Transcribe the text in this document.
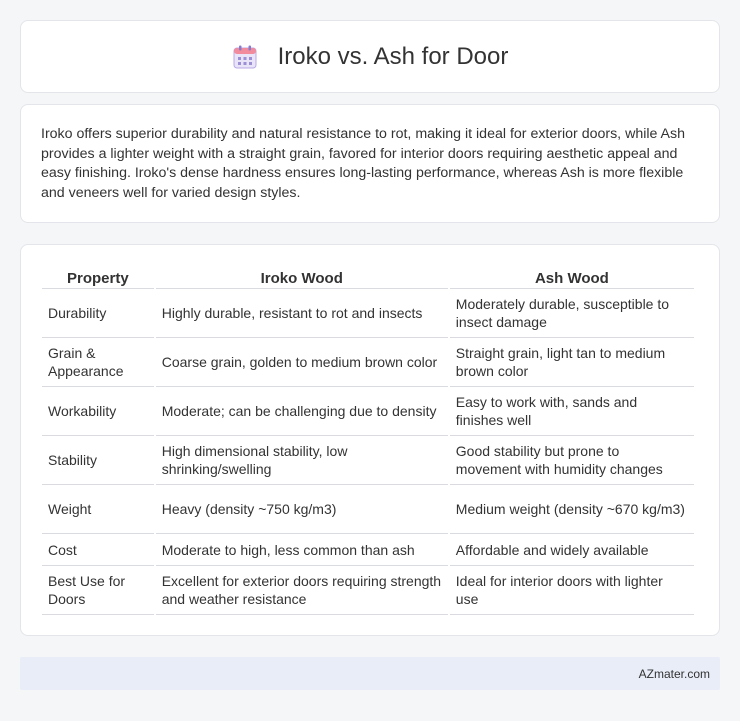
Iroko vs. Ash for Door

Iroko offers superior durability and natural resistance to rot, making it ideal for exterior doors, while Ash provides a lighter weight with a straight grain, favored for interior doors requiring aesthetic appeal and easy finishing. Iroko's dense hardness ensures long-lasting performance, whereas Ash is more flexible and veneers well for varied design styles.

Property	Iroko Wood	Ash Wood
Durability	Highly durable, resistant to rot and insects	Moderately durable, susceptible to insect damage
Grain & Appearance	Coarse grain, golden to medium brown color	Straight grain, light tan to medium brown color
Workability	Moderate; can be challenging due to density	Easy to work with, sands and finishes well
Stability	High dimensional stability, low shrinking/swelling	Good stability but prone to movement with humidity changes
Weight	Heavy (density ~750 kg/m3)	Medium weight (density ~670 kg/m3)
Cost	Moderate to high, less common than ash	Affordable and widely available
Best Use for Doors	Excellent for exterior doors requiring strength and weather resistance	Ideal for interior doors with lighter use
AZmater.com
